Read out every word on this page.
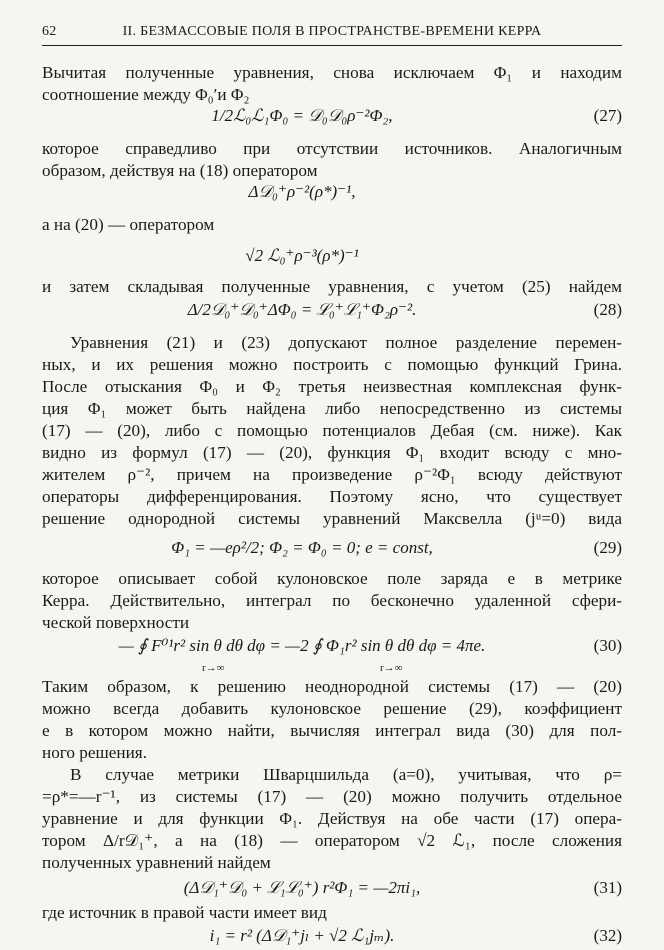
62	II. БЕЗМАССОВЫЕ ПОЛЯ В ПРОСТРАНСТВЕ-ВРЕМЕНИ КЕРРА
Вычитая полученные уравнения, снова исключаем Φ₁ и находим
соотношение между Φ₀′и Φ₂
1/2ℒ₀ℒ₁Φ₀ = 𝒟₀𝒟₀ρ⁻²Φ₂,	(27)
которое справедливо при отсутствии источников. Аналогичным
образом, действуя на (18) оператором
Δ𝒟₀⁺ρ⁻²(ρ*)⁻¹,
а на (20) — оператором
√2 ℒ₀⁺ρ⁻³(ρ*)⁻¹
и затем складывая полученные уравнения, с учетом (25) найдем
Δ/2𝒟₀⁺𝒟₀⁺ΔΦ₀ = ℒ₀⁺ℒ₁⁺Φ₂ρ⁻².	(28)
Уравнения (21) и (23) допускают полное разделение перемен-
ных, и их решения можно построить с помощью функций Грина.
После отыскания Φ₀ и Φ₂ третья неизвестная комплексная функ-
ция Φ₁ может быть найдена либо непосредственно из системы
(17) — (20), либо с помощью потенциалов Дебая (см. ниже). Как
видно из формул (17) — (20), функция Φ₁ входит всюду с мно-
жителем ρ⁻², причем на произведение ρ⁻²Φ₁ всюду действуют
операторы дифференцирования. Поэтому ясно, что существует
решение однородной системы уравнений Максвелла (jᵘ=0) вида
Φ₁ = —eρ²/2; Φ₂ = Φ₀ = 0; e = const,	(29)
которое описывает собой кулоновское поле заряда e в метрике
Керра. Действительно, интеграл по бесконечно удаленной сфери-
ческой поверхности
— ∮ F⁰¹r² sin θ dθ dφ = —2 ∮ Φ₁r² sin θ dθ dφ = 4πe.
r→∞	r→∞
(30)
Таким образом, к решению неоднородной системы (17) — (20)
можно всегда добавить кулоновское решение (29), коэффициент
e в котором можно найти, вычисляя интеграл вида (30) для пол-
ного решения.
В случае метрики Шварцшильда (a=0), учитывая, что ρ=
=ρ*=—r⁻¹, из системы (17) — (20) можно получить отдельное
уравнение и для функции Φ₁. Действуя на обе части (17) опера-
тором Δ/r𝒟₁⁺, а на (18) — оператором √2 ℒ₁, после сложения
полученных уравнений найдем
(Δ𝒟₁⁺𝒟₀ + ℒ₁ℒ₀⁺) r²Φ₁ = —2πi₁,	(31)
где источник в правой части имеет вид
i₁ = r² (Δ𝒟₁⁺jₗ + √2 ℒ₁jₘ).	(32)
